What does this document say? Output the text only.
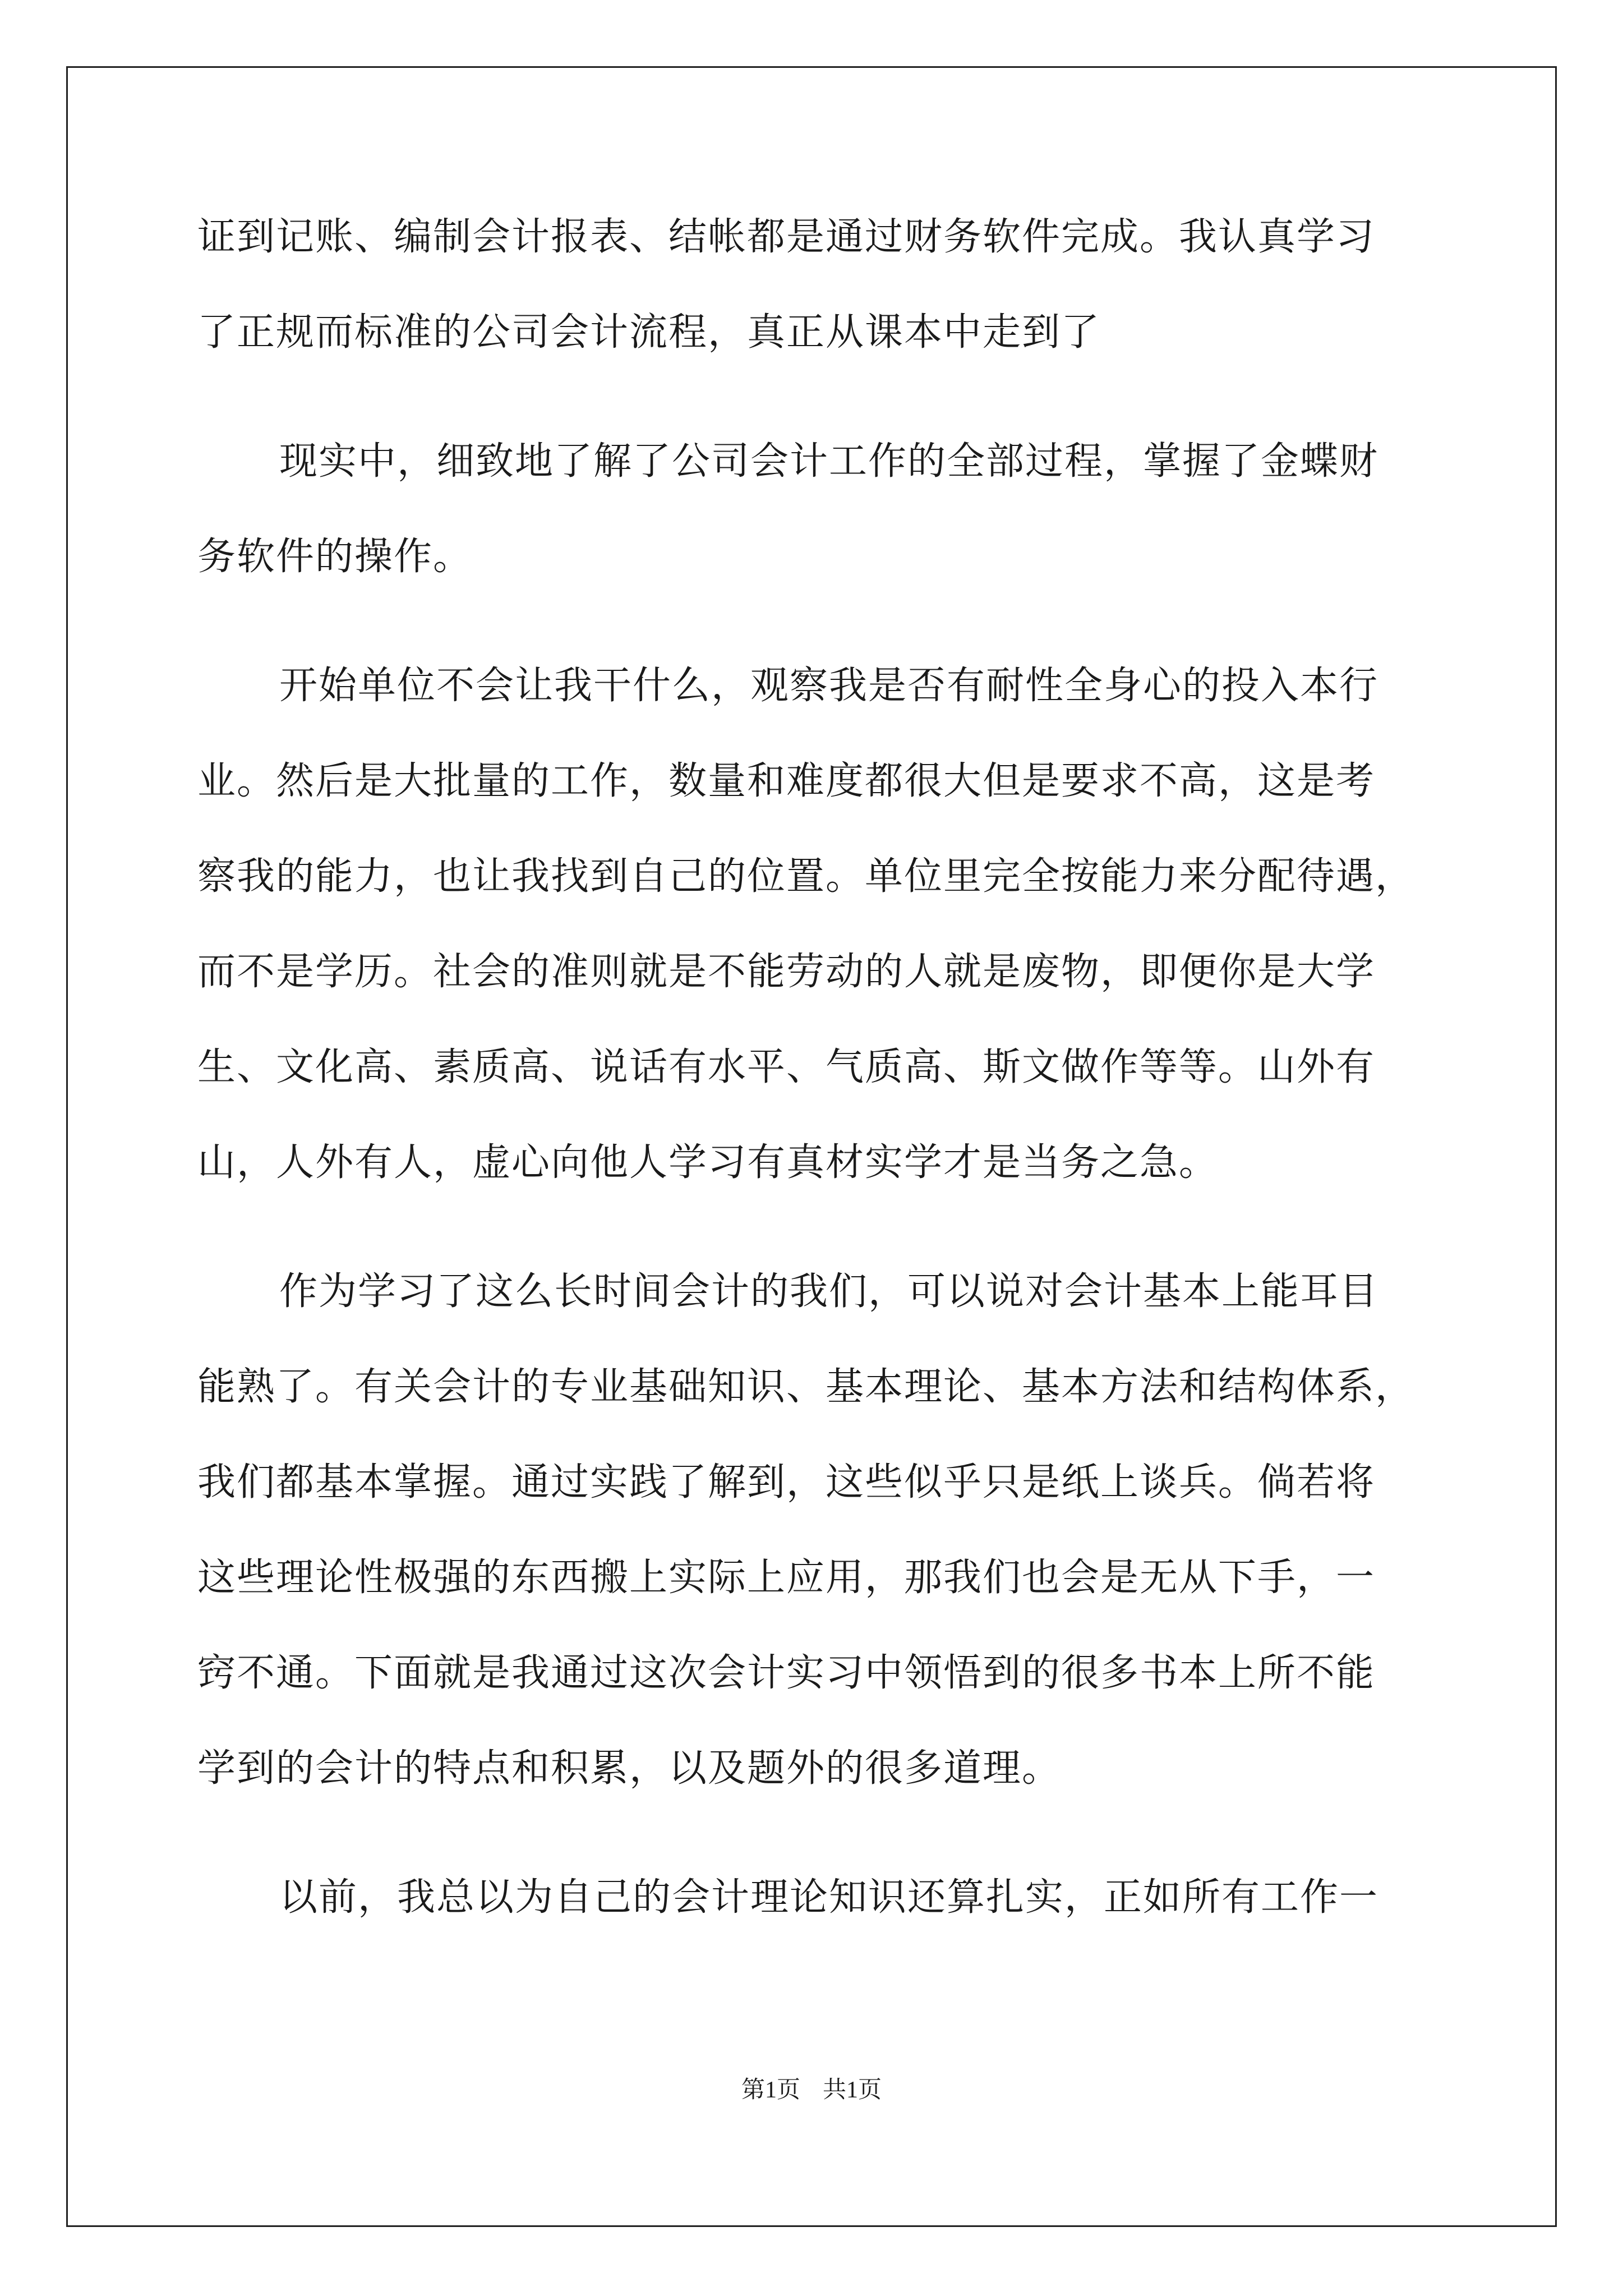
证到记账、编制会计报表、结帐都是通过财务软件完成。我认真学习
了正规而标准的公司会计流程，真正从课本中走到了
现实中，细致地了解了公司会计工作的全部过程，掌握了金蝶财
务软件的操作。
开始单位不会让我干什么，观察我是否有耐性全身心的投入本行
业。然后是大批量的工作，数量和难度都很大但是要求不高，这是考
察我的能力，也让我找到自己的位置。单位里完全按能力来分配待遇，
而不是学历。社会的准则就是不能劳动的人就是废物，即便你是大学
生、文化高、素质高、说话有水平、气质高、斯文做作等等。山外有
山，人外有人，虚心向他人学习有真材实学才是当务之急。
作为学习了这么长时间会计的我们，可以说对会计基本上能耳目
能熟了。有关会计的专业基础知识、基本理论、基本方法和结构体系，
我们都基本掌握。通过实践了解到，这些似乎只是纸上谈兵。倘若将
这些理论性极强的东西搬上实际上应用，那我们也会是无从下手，一
窍不通。下面就是我通过这次会计实习中领悟到的很多书本上所不能
学到的会计的特点和积累，以及题外的很多道理。
以前，我总以为自己的会计理论知识还算扎实，正如所有工作一
第1页 共1页
